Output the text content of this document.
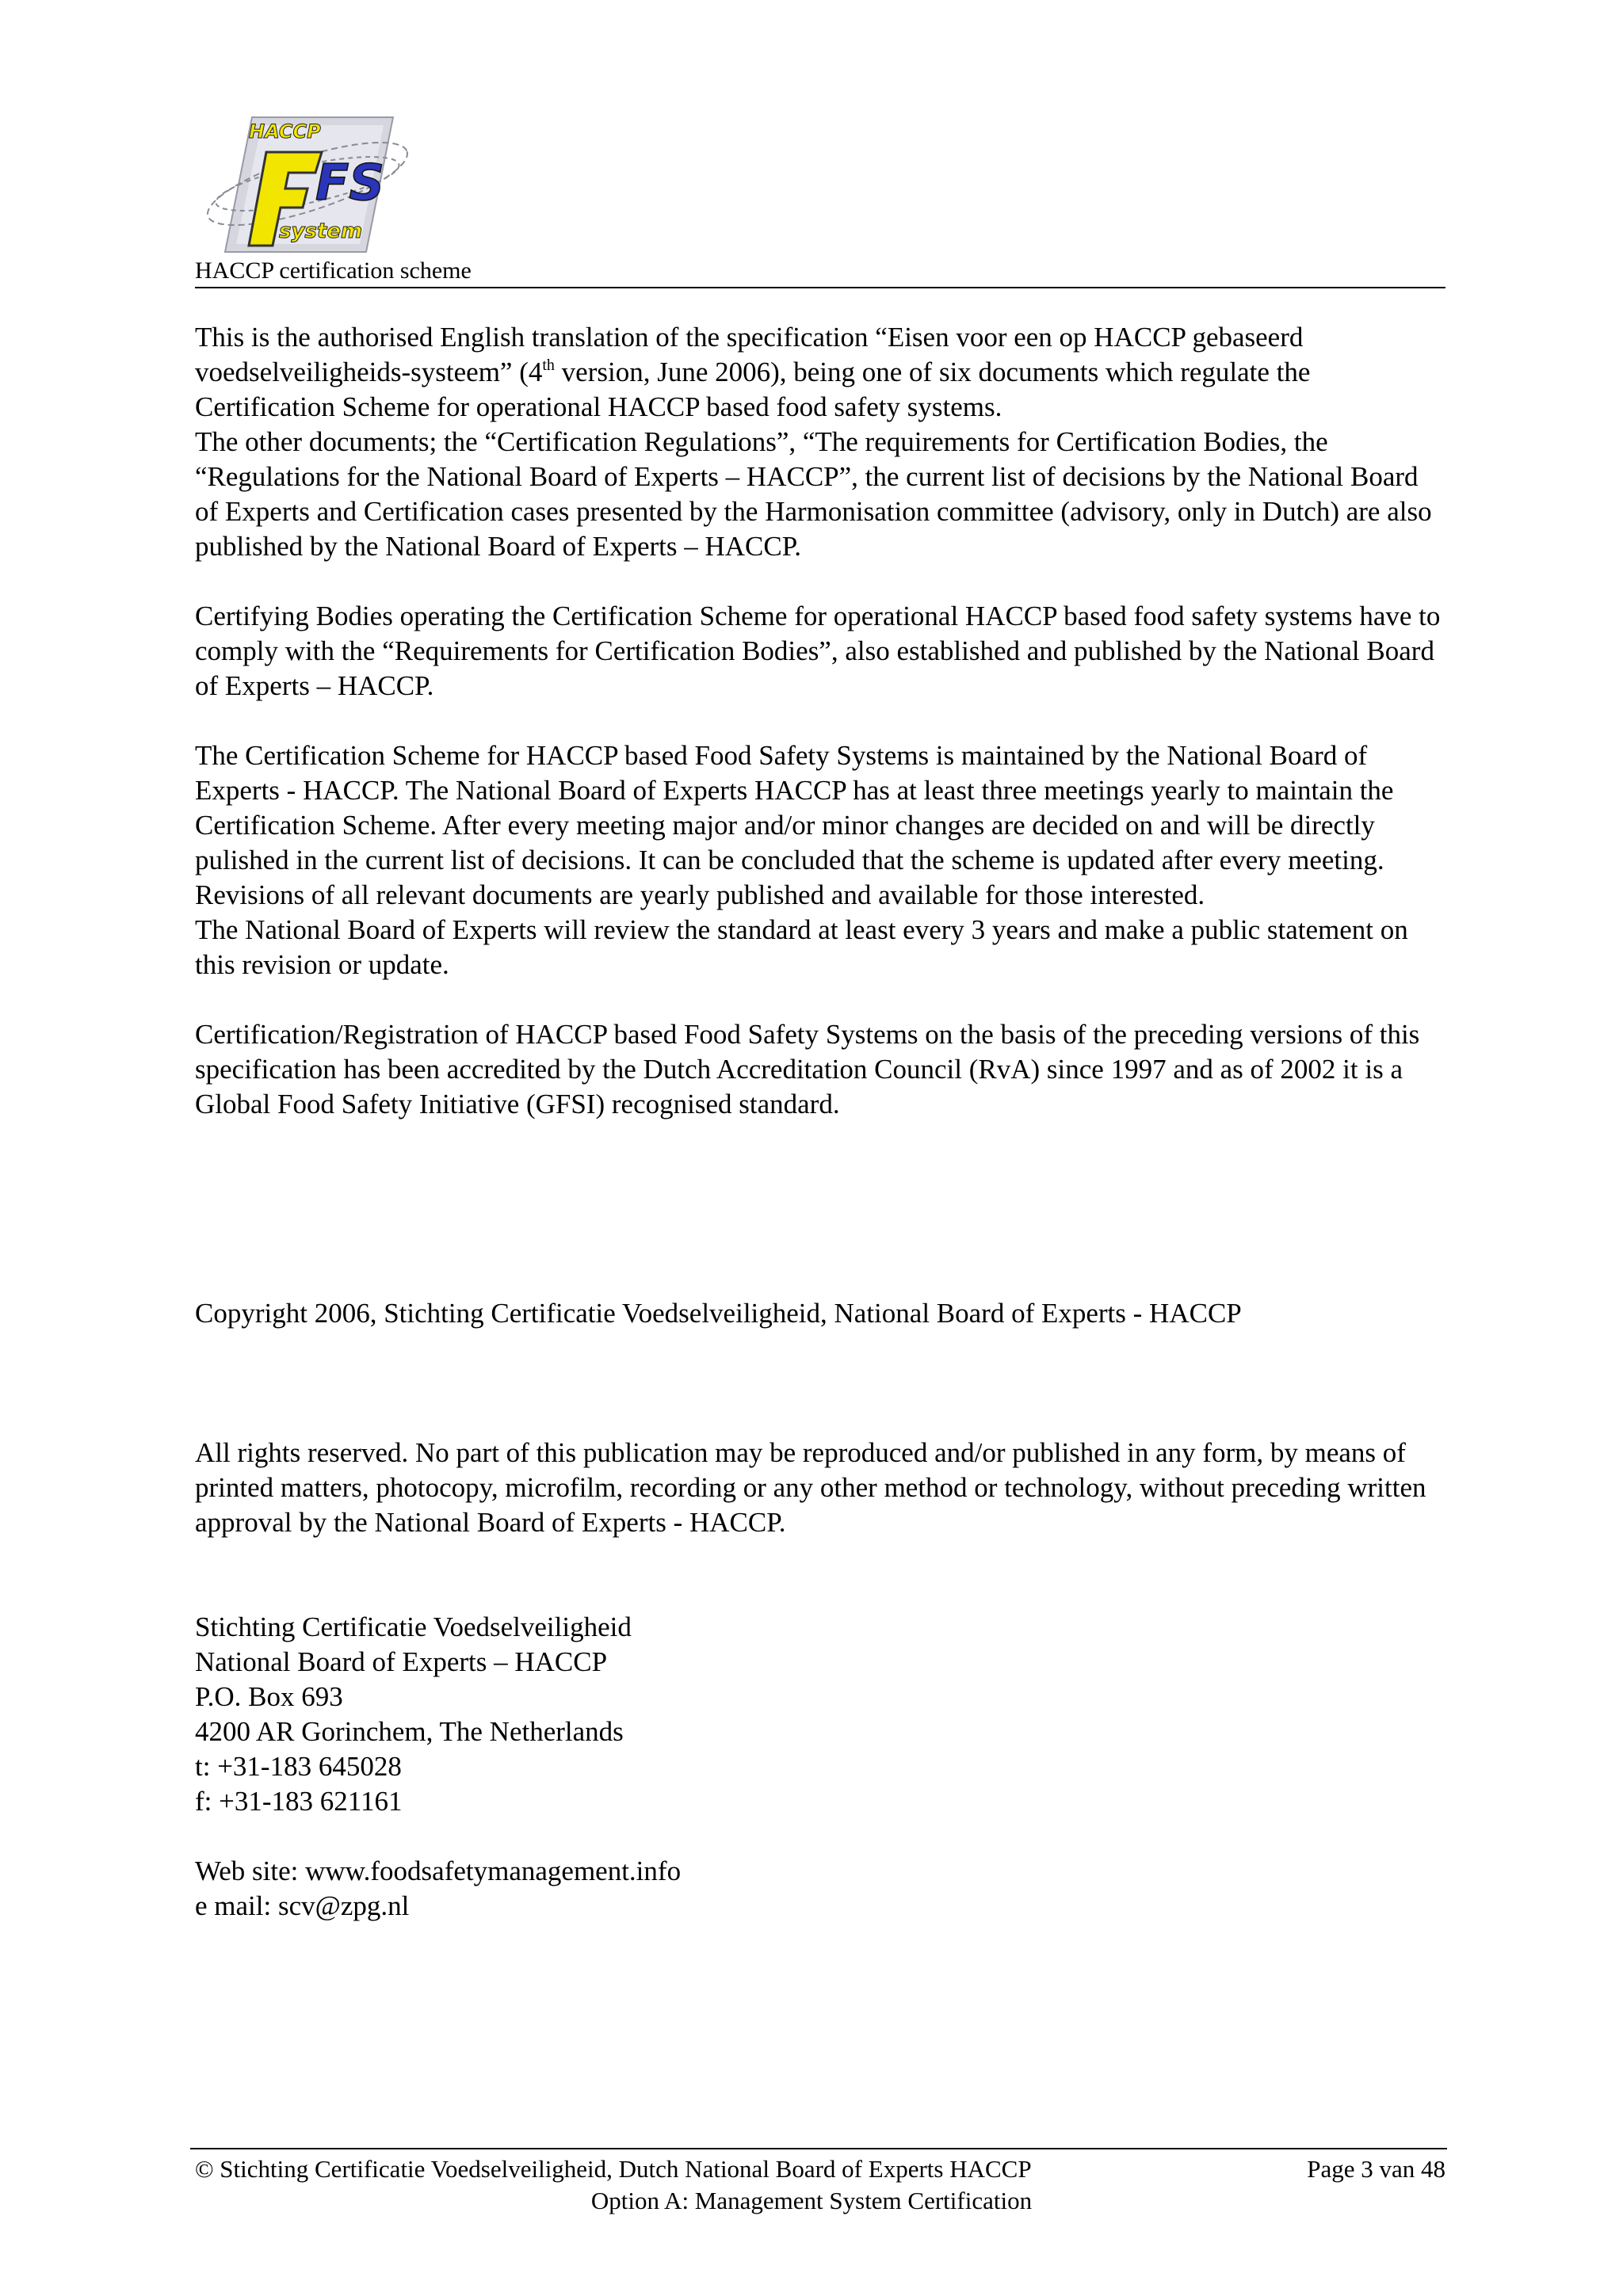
FS
HACCP
system
HACCP certification scheme

This is the authorised English translation of the specification “Eisen voor een op HACCP gebaseerd voedselveiligheids-systeem” (4th version, June 2006), being one of six documents which regulate the Certification Scheme for operational HACCP based food safety systems.

The other documents; the “Certification Regulations”, “The requirements for Certification Bodies, the “Regulations for the National Board of Experts – HACCP”, the current list of decisions by the National Board of Experts and Certification cases presented by the Harmonisation committee (advisory, only in Dutch) are also published by the National Board of Experts – HACCP.

Certifying Bodies operating the Certification Scheme for operational HACCP based food safety systems have to comply with the “Requirements for Certification Bodies”, also established and published by the National Board of Experts – HACCP.

The Certification Scheme for HACCP based Food Safety Systems is maintained by the National Board of Experts - HACCP. The National Board of Experts HACCP has at least three meetings yearly to maintain the Certification Scheme. After every meeting major and/or minor changes are decided on and will be directly pulished in the current list of decisions. It can be concluded that the scheme is updated after every meeting. Revisions of all relevant documents are yearly published and available for those interested.

The National Board of Experts will review the standard at least every 3 years and make a public statement on this revision or update.

Certification/Registration of HACCP based Food Safety Systems on the basis of the preceding versions of this specification has been accredited by the Dutch Accreditation Council (RvA) since 1997 and as of 2002 it is a Global Food Safety Initiative (GFSI) recognised standard.

Copyright 2006, Stichting Certificatie Voedselveiligheid, National Board of Experts - HACCP

All rights reserved. No part of this publication may be reproduced and/or published in any form, by means of printed matters, photocopy, microfilm, recording or any other method or technology, without preceding written approval by the National Board of Experts - HACCP.

Stichting Certificatie Voedselveiligheid

National Board of Experts – HACCP

P.O. Box 693

4200 AR Gorinchem, The Netherlands

t: +31-183 645028

f: +31-183 621161

Web site: www.foodsafetymanagement.info

e mail: scv@zpg.nl

© Stichting Certificatie Voedselveiligheid, Dutch National Board of Experts HACCP	Page 3 van 48
Option A: Management System Certification
